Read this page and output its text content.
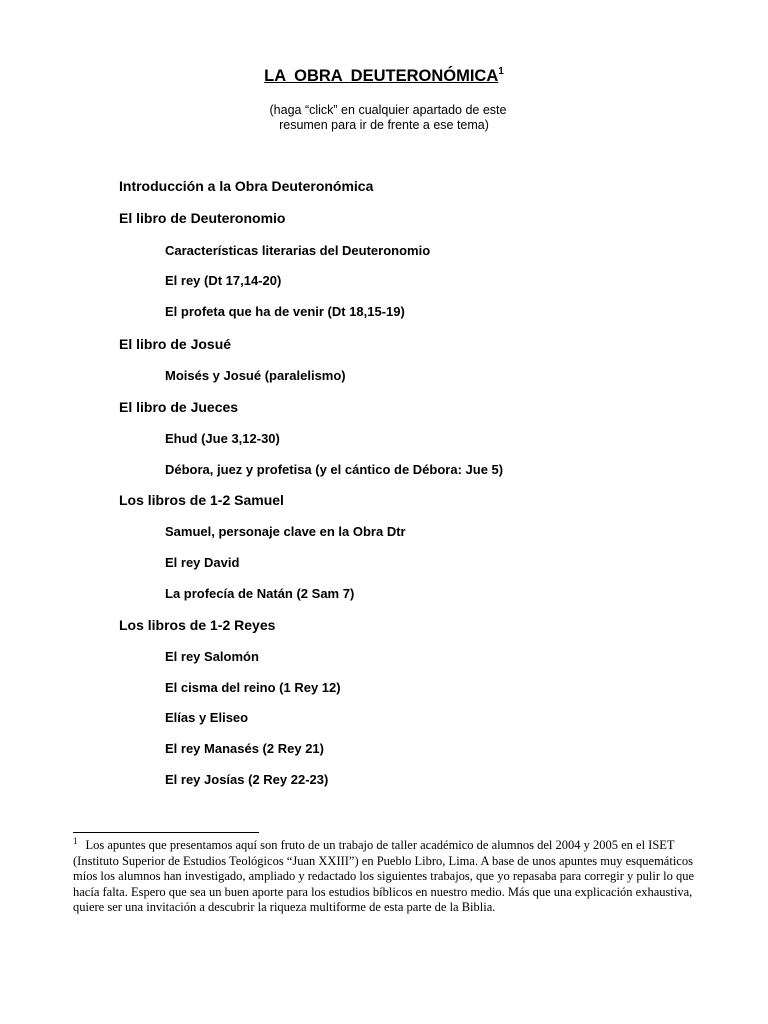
LA OBRA DEUTERONÓMICA$^1$
(haga “click” en cualquier apartado de este
resumen para ir de frente a ese tema)
Introducción a la Obra Deuteronómica
El libro de Deuteronomio
Características literarias del Deuteronomio
El rey (Dt 17,14-20)
El profeta que ha de venir (Dt 18,15-19)
El libro de Josué
Moisés y Josué (paralelismo)
El libro de Jueces
Ehud (Jue 3,12-30)
Débora, juez y profetisa (y el cántico de Débora: Jue 5)
Los libros de 1-2 Samuel
Samuel, personaje clave en la Obra Dtr
El rey David
La profecía de Natán (2 Sam 7)
Los libros de 1-2 Reyes
El rey Salomón
El cisma del reino (1 Rey 12)
Elías y Eliseo
El rey Manasés (2 Rey 21)
El rey Josías (2 Rey 22-23)
$^1$ Los apuntes que presentamos aquí son fruto de un trabajo de taller académico de alumnos del 2004 y 2005 en el ISET (Instituto Superior de Estudios Teológicos “Juan XXIII”) en Pueblo Libro, Lima. A base de unos apuntes muy esquemáticos míos los alumnos han investigado, ampliado y redactado los siguientes trabajos, que yo repasaba para corregir y pulir lo que hacía falta. Espero que sea un buen aporte para los estudios bíblicos en nuestro medio. Más que una explicación exhaustiva, quiere ser una invitación a descubrir la riqueza multiforme de esta parte de la Biblia.
